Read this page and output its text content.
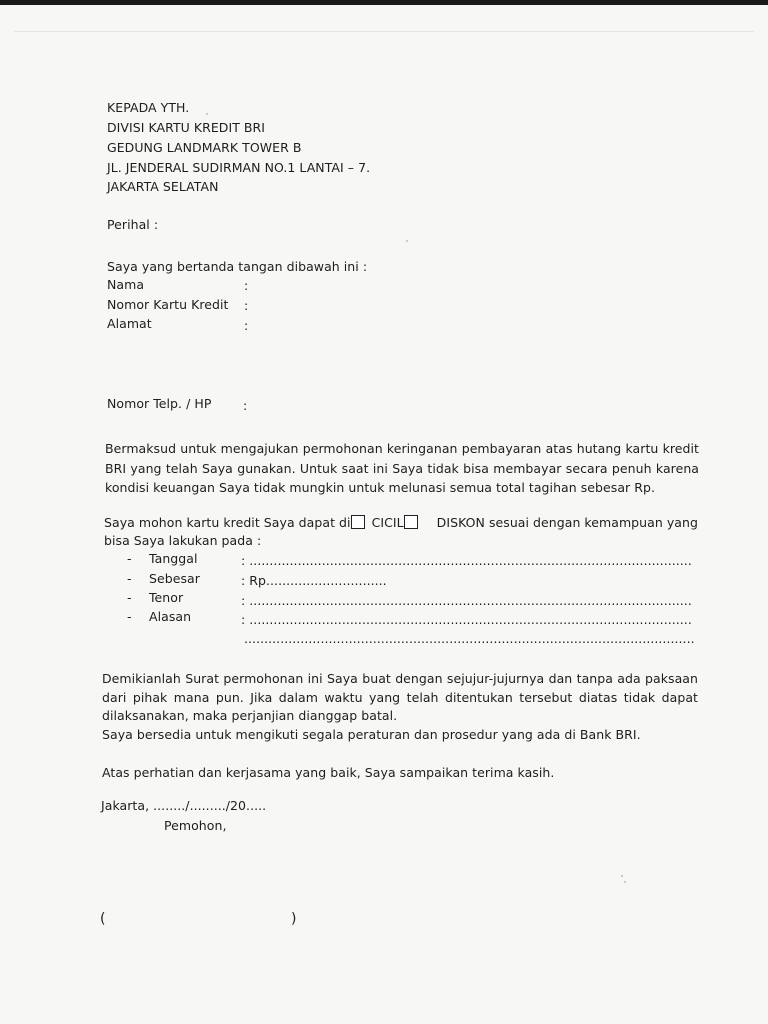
KEPADA YTH.
DIVISI KARTU KREDIT BRI
GEDUNG LANDMARK TOWER B
JL. JENDERAL SUDIRMAN NO.1 LANTAI – 7.
JAKARTA SELATAN
Perihal :
Saya yang bertanda tangan dibawah ini :
Nama	:
Nomor Kartu Kredit :
Alamat	:
Nomor Telp. / HP	:
Bermaksud untuk mengajukan permohonan keringanan pembayaran atas hutang kartu kredit
BRI yang telah Saya gunakan. Untuk saat ini Saya tidak bisa membayar secara penuh karena
kondisi keuangan Saya tidak mungkin untuk melunasi semua total tagihan sebesar Rp.
Saya mohon kartu kredit Saya dapat di CICIL	DISKON sesuai dengan kemampuan yang
bisa Saya lakukan pada :
- Tanggal	: ..............................................................................................................
- Sebesar	: Rp..............................
- Tenor	: ..............................................................................................................
- Alasan	: ..............................................................................................................
................................................................................................................
Demikianlah Surat permohonan ini Saya buat dengan sejujur-jujurnya dan tanpa ada paksaan
dari pihak mana pun. Jika dalam waktu yang telah ditentukan tersebut diatas tidak dapat
dilaksanakan, maka perjanjian dianggap batal.
Saya bersedia untuk mengikuti segala peraturan dan prosedur yang ada di Bank BRI.
Atas perhatian dan kerjasama yang baik, Saya sampaikan terima kasih.
Jakarta, ......../........./20.....
Pemohon,
(	)
